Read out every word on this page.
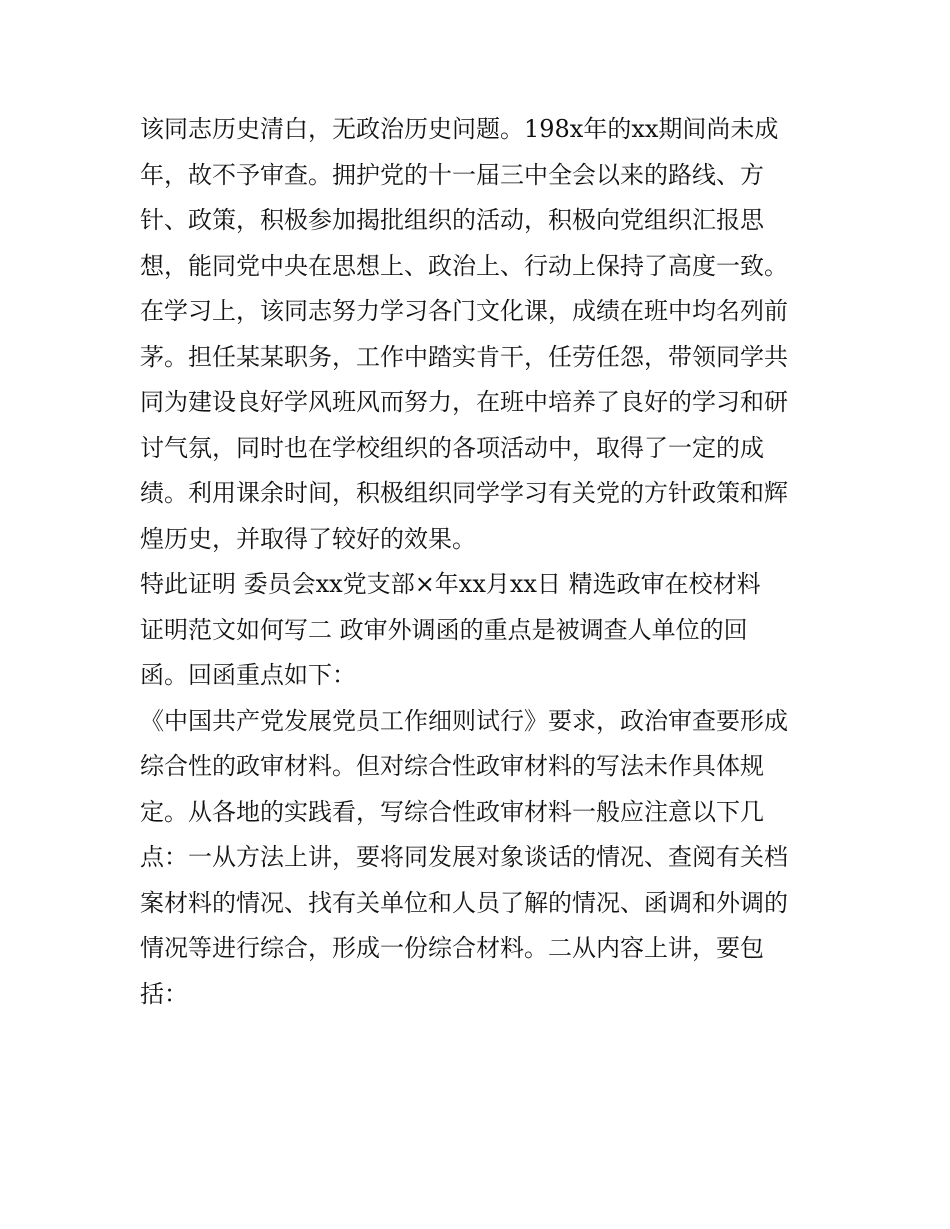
该同志历史清白，无政治历史问题。198x年的xx期间尚未成
年，故不予审查。拥护党的十一届三中全会以来的路线、方
针、政策，积极参加揭批组织的活动，积极向党组织汇报思
想，能同党中央在思想上、政治上、行动上保持了高度一致。
在学习上，该同志努力学习各门文化课，成绩在班中均名列前
茅。担任某某职务，工作中踏实肯干，任劳任怨，带领同学共
同为建设良好学风班风而努力，在班中培养了良好的学习和研
讨气氛，同时也在学校组织的各项活动中，取得了一定的成
绩。利用课余时间，积极组织同学学习有关党的方针政策和辉
煌历史，并取得了较好的效果。
特此证明 委员会xx党支部×年xx月xx日 精选政审在校材料
证明范文如何写二 政审外调函的重点是被调查人单位的回
函。回函重点如下：
《中国共产党发展党员工作细则试行》要求，政治审查要形成
综合性的政审材料。但对综合性政审材料的写法未作具体规
定。从各地的实践看，写综合性政审材料一般应注意以下几
点：一从方法上讲，要将同发展对象谈话的情况、查阅有关档
案材料的情况、找有关单位和人员了解的情况、函调和外调的
情况等进行综合，形成一份综合材料。二从内容上讲，要包
括：
